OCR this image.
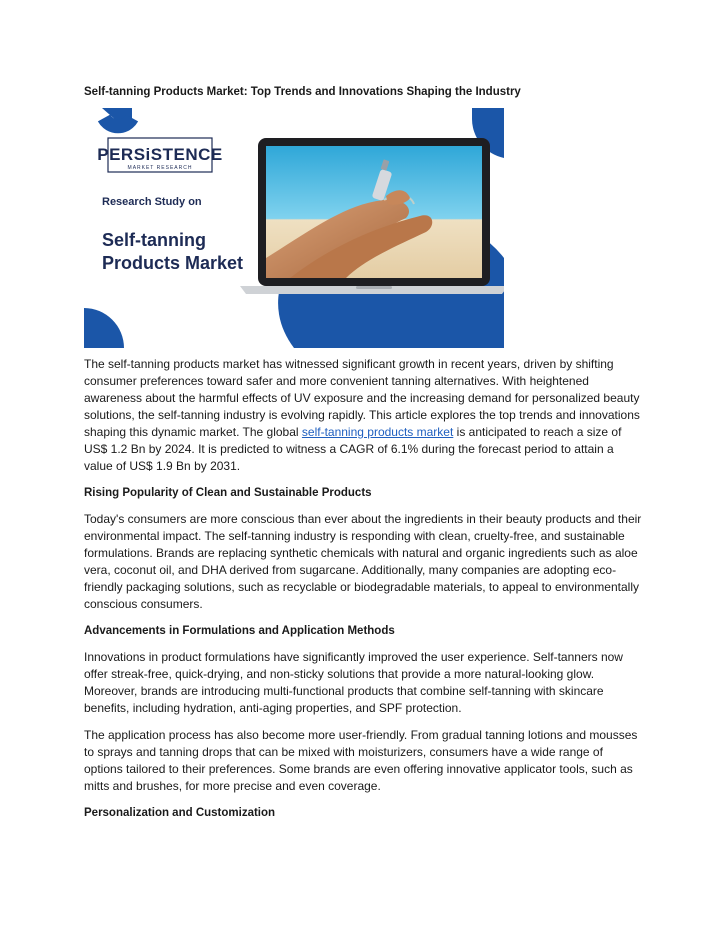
Self-tanning Products Market: Top Trends and Innovations Shaping the Industry
PERSiSTENCE
MARKET RESEARCH
Research Study on
Self-tanning
Products Market

The self-tanning products market has witnessed significant growth in recent years, driven by shifting consumer preferences toward safer and more convenient tanning alternatives. With heightened awareness about the harmful effects of UV exposure and the increasing demand for personalized beauty solutions, the self-tanning industry is evolving rapidly. This article explores the top trends and innovations shaping this dynamic market. The global self-tanning products market is anticipated to reach a size of US$ 1.2 Bn by 2024. It is predicted to witness a CAGR of 6.1% during the forecast period to attain a value of US$ 1.9 Bn by 2031.

Rising Popularity of Clean and Sustainable Products

Today's consumers are more conscious than ever about the ingredients in their beauty products and their environmental impact. The self-tanning industry is responding with clean, cruelty-free, and sustainable formulations. Brands are replacing synthetic chemicals with natural and organic ingredients such as aloe vera, coconut oil, and DHA derived from sugarcane. Additionally, many companies are adopting eco-friendly packaging solutions, such as recyclable or biodegradable materials, to appeal to environmentally conscious consumers.

Advancements in Formulations and Application Methods

Innovations in product formulations have significantly improved the user experience. Self-tanners now offer streak-free, quick-drying, and non-sticky solutions that provide a more natural-looking glow. Moreover, brands are introducing multi-functional products that combine self-tanning with skincare benefits, including hydration, anti-aging properties, and SPF protection.

The application process has also become more user-friendly. From gradual tanning lotions and mousses to sprays and tanning drops that can be mixed with moisturizers, consumers have a wide range of options tailored to their preferences. Some brands are even offering innovative applicator tools, such as mitts and brushes, for more precise and even coverage.

Personalization and Customization
